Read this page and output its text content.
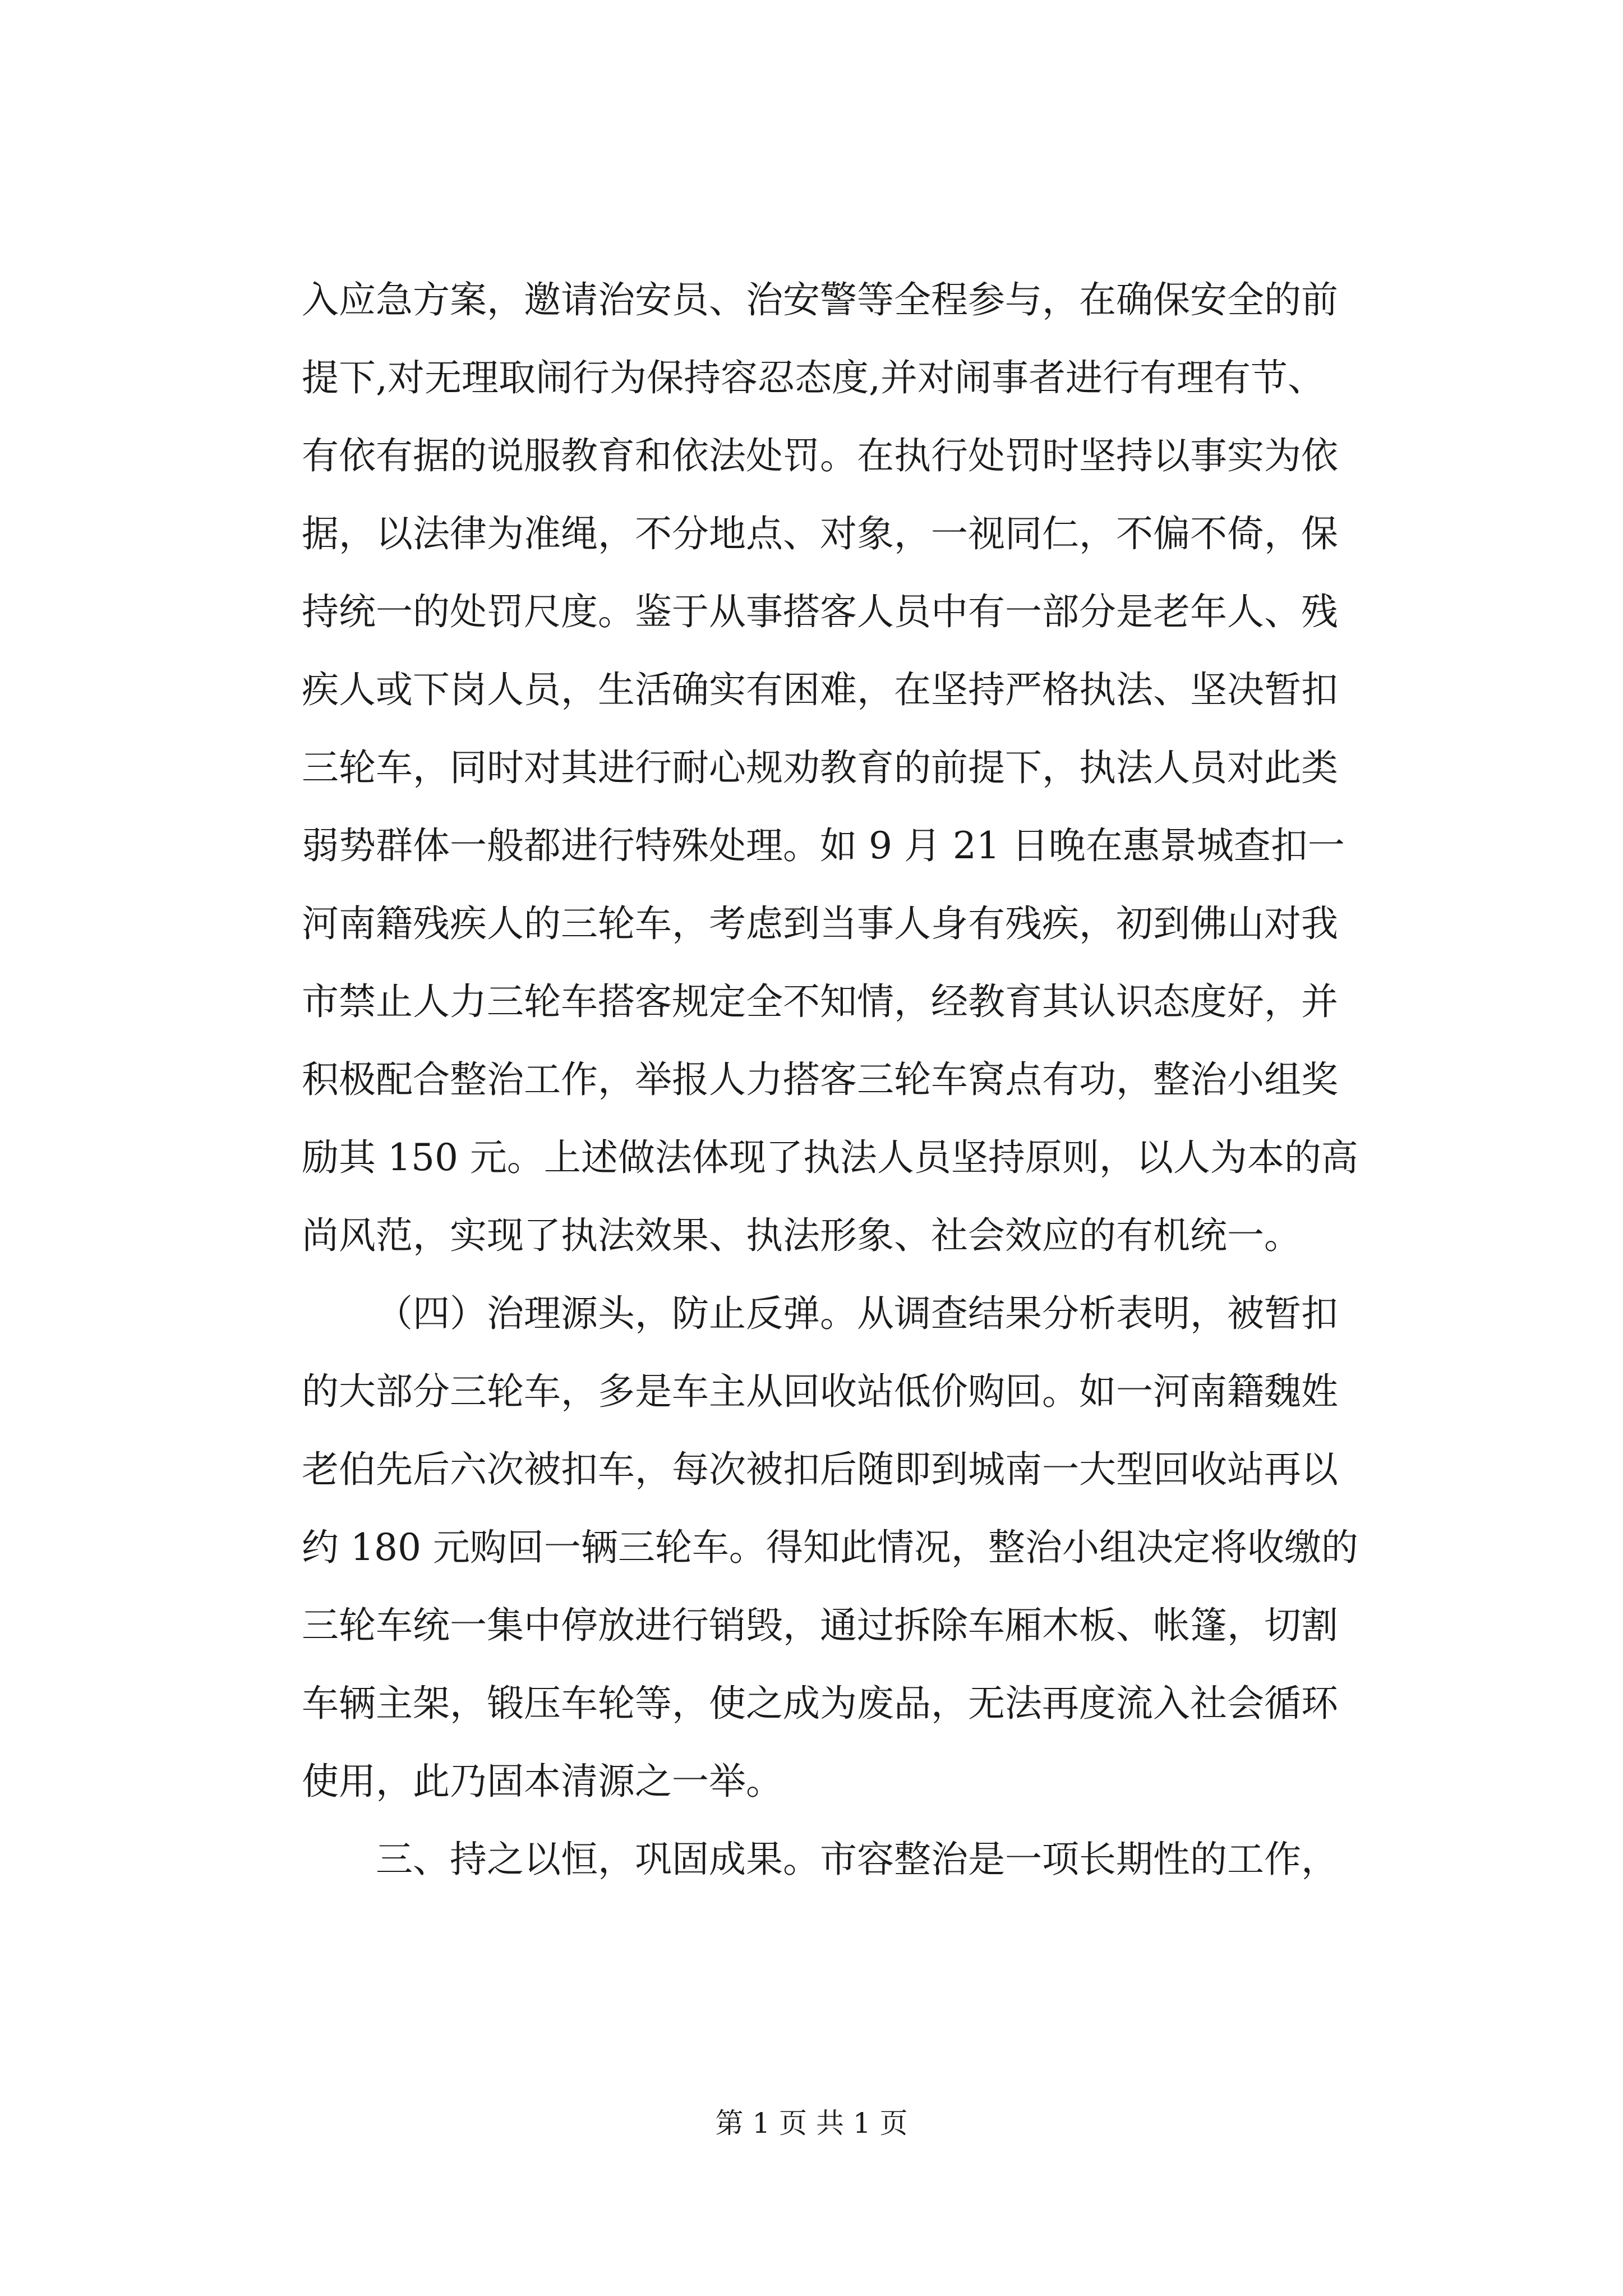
入应急方案，邀请治安员、治安警等全程参与，在确保安全的前
提下,对无理取闹行为保持容忍态度,并对闹事者进行有理有节、
有依有据的说服教育和依法处罚。在执行处罚时坚持以事实为依
据，以法律为准绳，不分地点、对象，一视同仁，不偏不倚，保
持统一的处罚尺度。鉴于从事搭客人员中有一部分是老年人、残
疾人或下岗人员，生活确实有困难，在坚持严格执法、坚决暂扣
三轮车，同时对其进行耐心规劝教育的前提下，执法人员对此类
弱势群体一般都进行特殊处理。如 9 月 21 日晚在惠景城查扣一
河南籍残疾人的三轮车，考虑到当事人身有残疾，初到佛山对我
市禁止人力三轮车搭客规定全不知情，经教育其认识态度好，并
积极配合整治工作，举报人力搭客三轮车窝点有功，整治小组奖
励其 150 元。上述做法体现了执法人员坚持原则，以人为本的高
尚风范，实现了执法效果、执法形象、社会效应的有机统一。
（四）治理源头，防止反弹。从调查结果分析表明，被暂扣
的大部分三轮车，多是车主从回收站低价购回。如一河南籍魏姓
老伯先后六次被扣车，每次被扣后随即到城南一大型回收站再以
约 180 元购回一辆三轮车。得知此情况，整治小组决定将收缴的
三轮车统一集中停放进行销毁，通过拆除车厢木板、帐篷，切割
车辆主架，锻压车轮等，使之成为废品，无法再度流入社会循环
使用，此乃固本清源之一举。
三、持之以恒，巩固成果。市容整治是一项长期性的工作，
第 1 页 共 1 页
